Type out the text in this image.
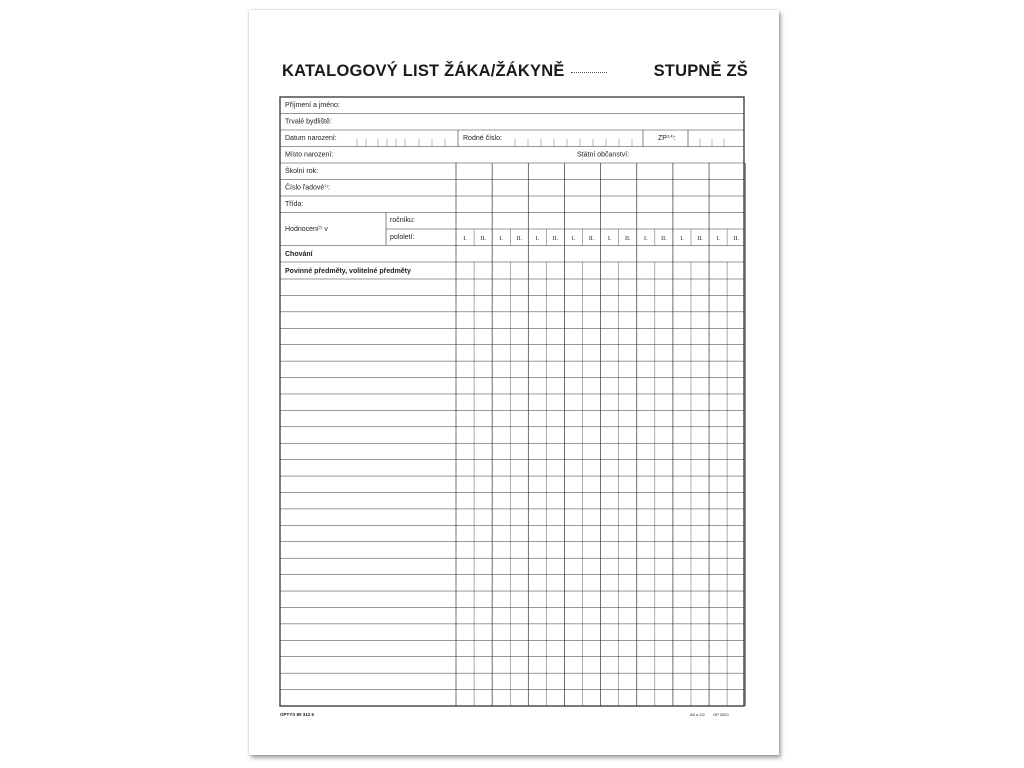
KATALOGOVÝ LIST ŽÁKA/ŽÁKYNĚ	STUPNĚ ZŠ
Příjmení a jméno:
Trvalé bydliště:
Datum narození:	Rodné číslo:	ZP$^{3,4)}$:
Místo narození:	Státní občanství:
Školní rok:
Číslo řadové$^{1)}$:
Třída:
Hodnocení$^{2)}$ v
ročníku:
pololetí:	I. II. I. II. I. II. I. II. I. II. I. II. I. II. I. II.
Chování
Povinné předměty, volitelné předměty
OPTYS 80 312 6	A5 a 2/2 OP 2520
